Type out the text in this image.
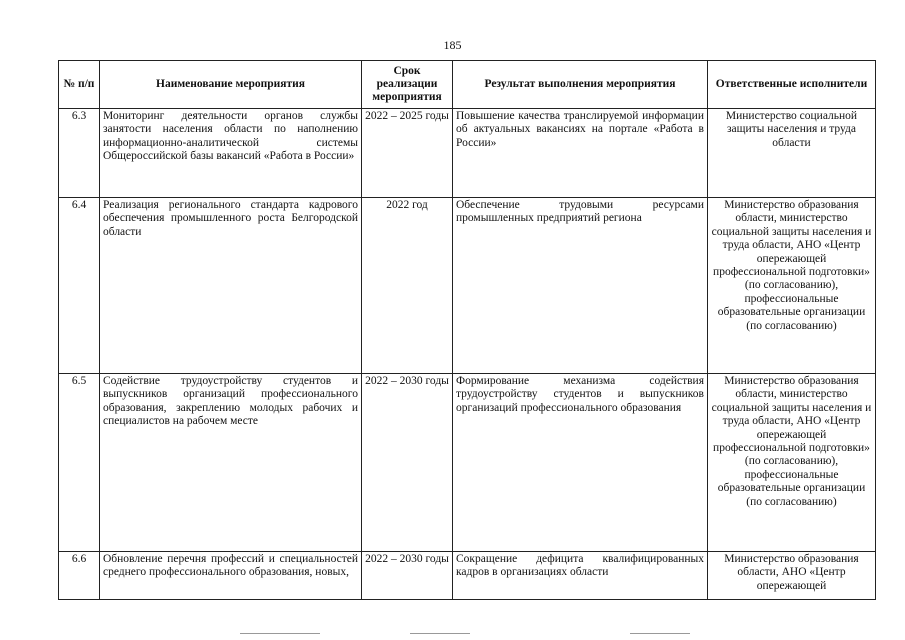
185
№ п/п	Наименование мероприятия	Срок реализации мероприятия	Результат выполнения мероприятия	Ответственные исполнители
6.3	Мониторинг деятельности органов службы занятости населения области по наполнению информационно-аналитической системы Общероссийской базы вакансий «Работа в России»	2022 – 2025 годы	Повышение качества транслируемой информации об актуальных вакансиях на портале «Работа в России»	Министерство социальной защиты населения и труда области
6.4	Реализация регионального стандарта кадрового обеспечения промышленного роста Белгородской области	2022 год	Обеспечение трудовыми ресурсами промышленных предприятий региона	Министерство образования области, министерство социальной защиты населения и труда области, АНО «Центр опережающей профессиональной подготовки» (по согласованию), профессиональные образовательные организации (по согласованию)
6.5	Содействие трудоустройству студентов и выпускников организаций профессионального образования, закреплению молодых рабочих и специалистов на рабочем месте	2022 – 2030 годы	Формирование механизма содействия трудоустройству студентов и выпускников организаций профессионального образования	Министерство образования области, министерство социальной защиты населения и труда области, АНО «Центр опережающей профессиональной подготовки» (по согласованию), профессиональные образовательные организации (по согласованию)
6.6	Обновление перечня профессий и специальностей среднего профессионального образования, новых,	2022 – 2030 годы	Сокращение дефицита квалифицированных кадров в организациях области	Министерство образования области, АНО «Центр опережающей
